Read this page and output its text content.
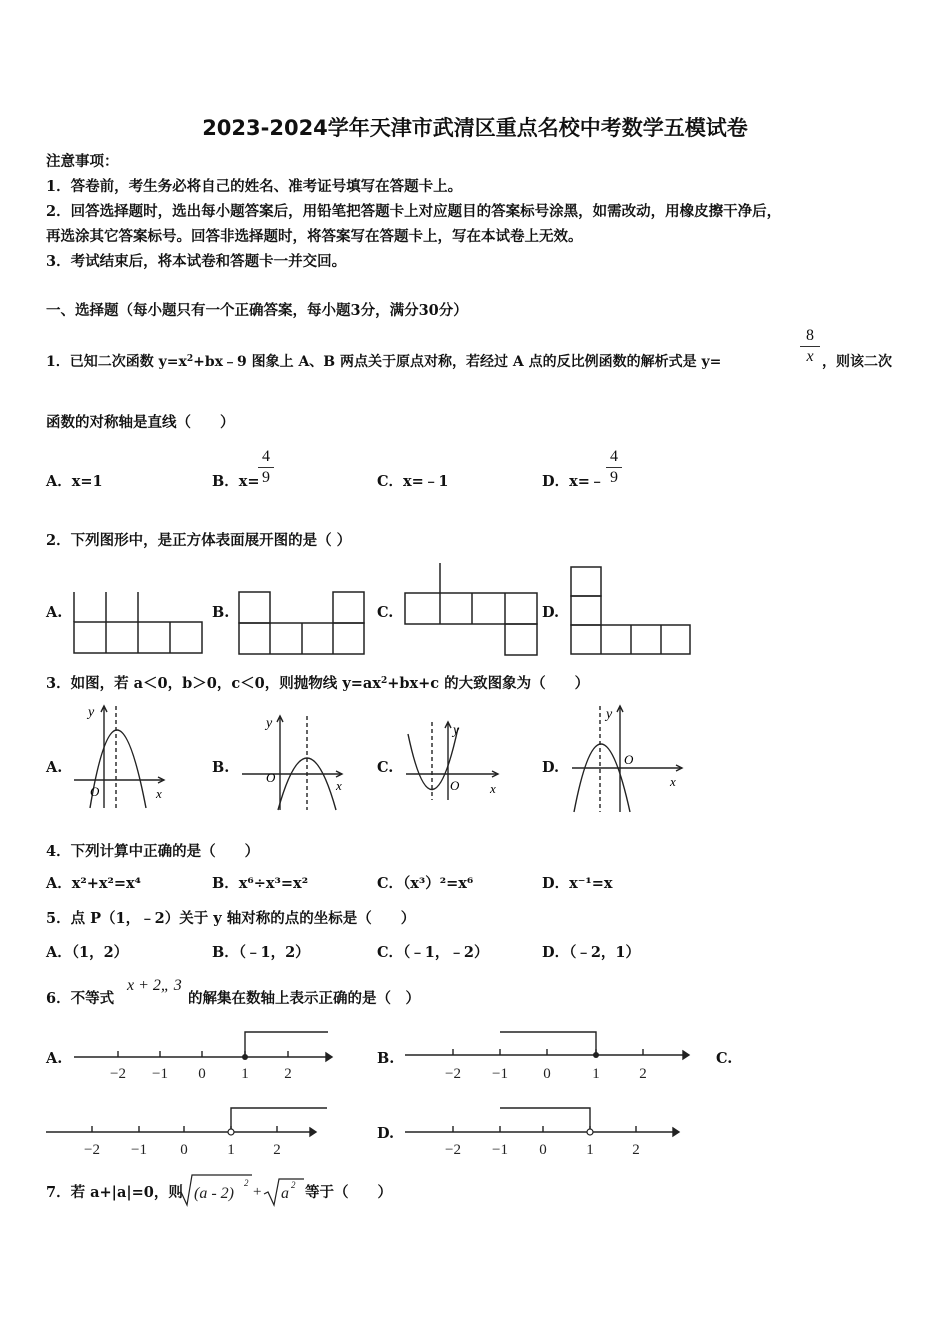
2023-2024学年天津市武清区重点名校中考数学五模试卷
注意事项：
1．答卷前，考生务必将自己的姓名、准考证号填写在答题卡上。
2．回答选择题时，选出每小题答案后，用铅笔把答题卡上对应题目的答案标号涂黑，如需改动，用橡皮擦干净后，
再选涂其它答案标号。回答非选择题时，将答案写在答题卡上，写在本试卷上无效。
3．考试结束后，将本试卷和答题卡一并交回。
一、选择题（每小题只有一个正确答案，每小题3分，满分30分）
1．已知二次函数 $y=x^2+bx﹣9$ 图象上 A、B 两点关于原点对称，若经过 A 点的反比例函数的解析式是 y=
8
x ，则该二次
函数的对称轴是直线（　　）
A．x=1	B．x=
4
9	C．x=﹣1	D．x=﹣
4
9
2．下列图形中，是正方体表面展开图的是（ ）
A.	B.	C.	D.
3．如图，若 a＜0，b＞0，c＜0，则抛物线 $y=ax^2+bx+c$ 的大致图象为（　　）
A.	B.	C.	D.
y
x
O
y
x
O
y
x
O
y
x
O
4．下列计算中正确的是（　　）
A．x²+x²=x⁴	B．x⁶÷x³=x²	C．（x³）²=x⁶	D．x⁻¹=x
5．点 P（1，﹣2）关于 y 轴对称的点的坐标是（　　）
A．（1，2）	B．（﹣1，2）	C．（﹣1，﹣2）	D．（﹣2，1）
6．不等式
x + 2„ 3
的解集在数轴上表示正确的是（　）
A.	B.	C.
D.
−2 −1 0 1 2	−2 −1 0	1	2
−2 −1 0	1	2	−2 −1 0	1	2
7．若 a+|a|=0，则 (a - 2)
2
+ a 2 等于（　　）
